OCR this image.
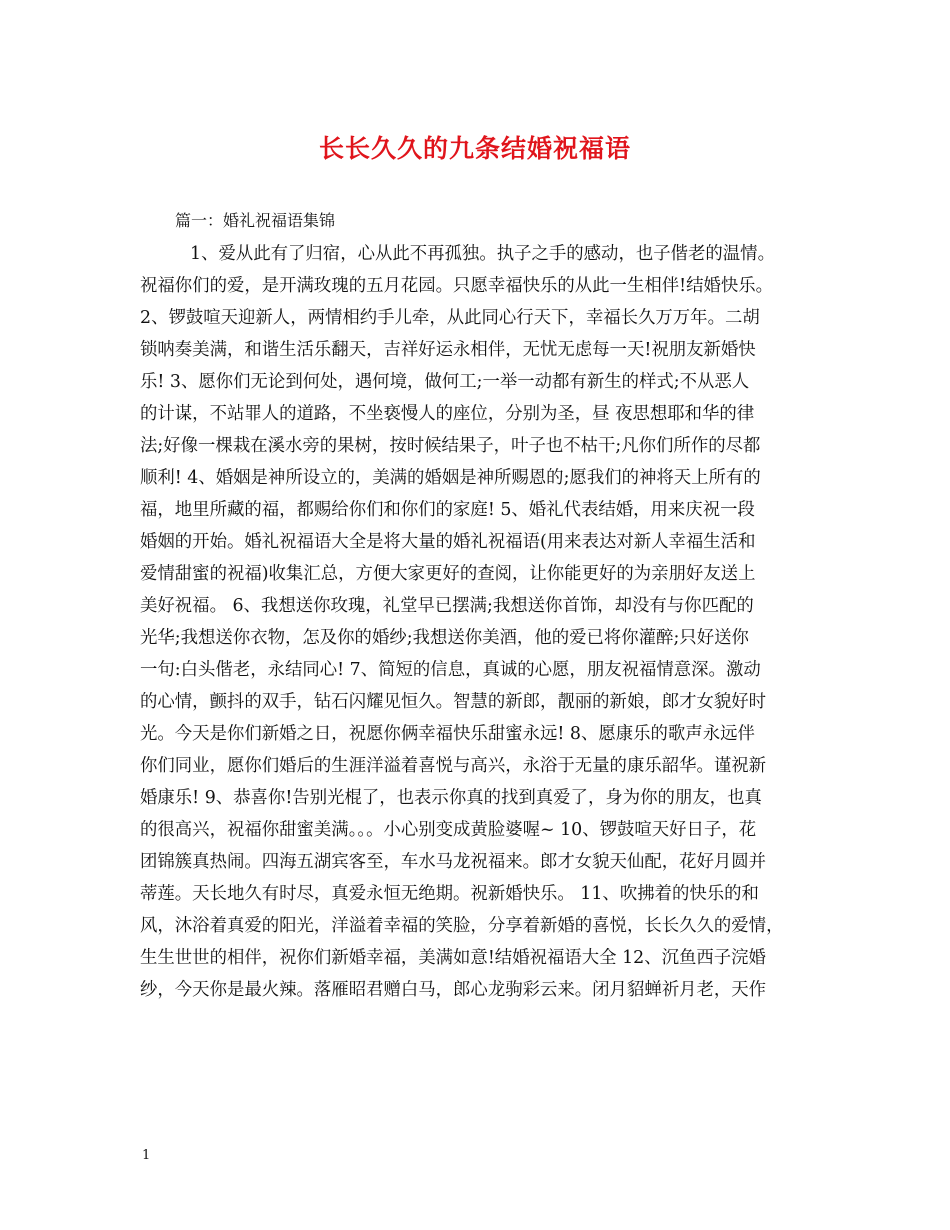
长长久久的九条结婚祝福语
篇一：婚礼祝福语集锦
1、爱从此有了归宿，心从此不再孤独。执子之手的感动，也子偕老的温情。
祝福你们的爱，是开满玫瑰的五月花园。只愿幸福快乐的从此一生相伴!结婚快乐。
2、锣鼓喧天迎新人，两情相约手儿牵，从此同心行天下，幸福长久万万年。二胡
锁呐奏美满，和谐生活乐翻天，吉祥好运永相伴，无忧无虑每一天!祝朋友新婚快
乐! 3、愿你们无论到何处，遇何境，做何工;一举一动都有新生的样式;不从恶人
的计谋，不站罪人的道路，不坐亵慢人的座位，分别为圣，昼 夜思想耶和华的律
法;好像一棵栽在溪水旁的果树，按时候结果子，叶子也不枯干;凡你们所作的尽都
顺利! 4、婚姻是神所设立的，美满的婚姻是神所赐恩的;愿我们的神将天上所有的
福，地里所藏的福，都赐给你们和你们的家庭! 5、婚礼代表结婚，用来庆祝一段
婚姻的开始。婚礼祝福语大全是将大量的婚礼祝福语(用来表达对新人幸福生活和
爱情甜蜜的祝福)收集汇总，方便大家更好的查阅，让你能更好的为亲朋好友送上
美好祝福。 6、我想送你玫瑰，礼堂早已摆满;我想送你首饰，却没有与你匹配的
光华;我想送你衣物，怎及你的婚纱;我想送你美酒，他的爱已将你灌醉;只好送你
一句:白头偕老，永结同心! 7、简短的信息，真诚的心愿，朋友祝福情意深。激动
的心情，颤抖的双手，钻石闪耀见恒久。智慧的新郎，靓丽的新娘，郎才女貌好时
光。今天是你们新婚之日，祝愿你俩幸福快乐甜蜜永远! 8、愿康乐的歌声永远伴
你们同业，愿你们婚后的生涯洋溢着喜悦与高兴，永浴于无量的康乐韶华。谨祝新
婚康乐! 9、恭喜你!告别光棍了，也表示你真的找到真爱了，身为你的朋友，也真
的很高兴，祝福你甜蜜美满。。。小心别变成黄脸婆喔~ 10、锣鼓喧天好日子，花
团锦簇真热闹。四海五湖宾客至，车水马龙祝福来。郎才女貌天仙配，花好月圆并
蒂莲。天长地久有时尽，真爱永恒无绝期。祝新婚快乐。 11、吹拂着的快乐的和
风，沐浴着真爱的阳光，洋溢着幸福的笑脸，分享着新婚的喜悦，长长久久的爱情，
生生世世的相伴，祝你们新婚幸福，美满如意!结婚祝福语大全 12、沉鱼西子浣婚
纱，今天你是最火辣。落雁昭君赠白马，郎心龙驹彩云来。闭月貂蝉祈月老，天作
1
